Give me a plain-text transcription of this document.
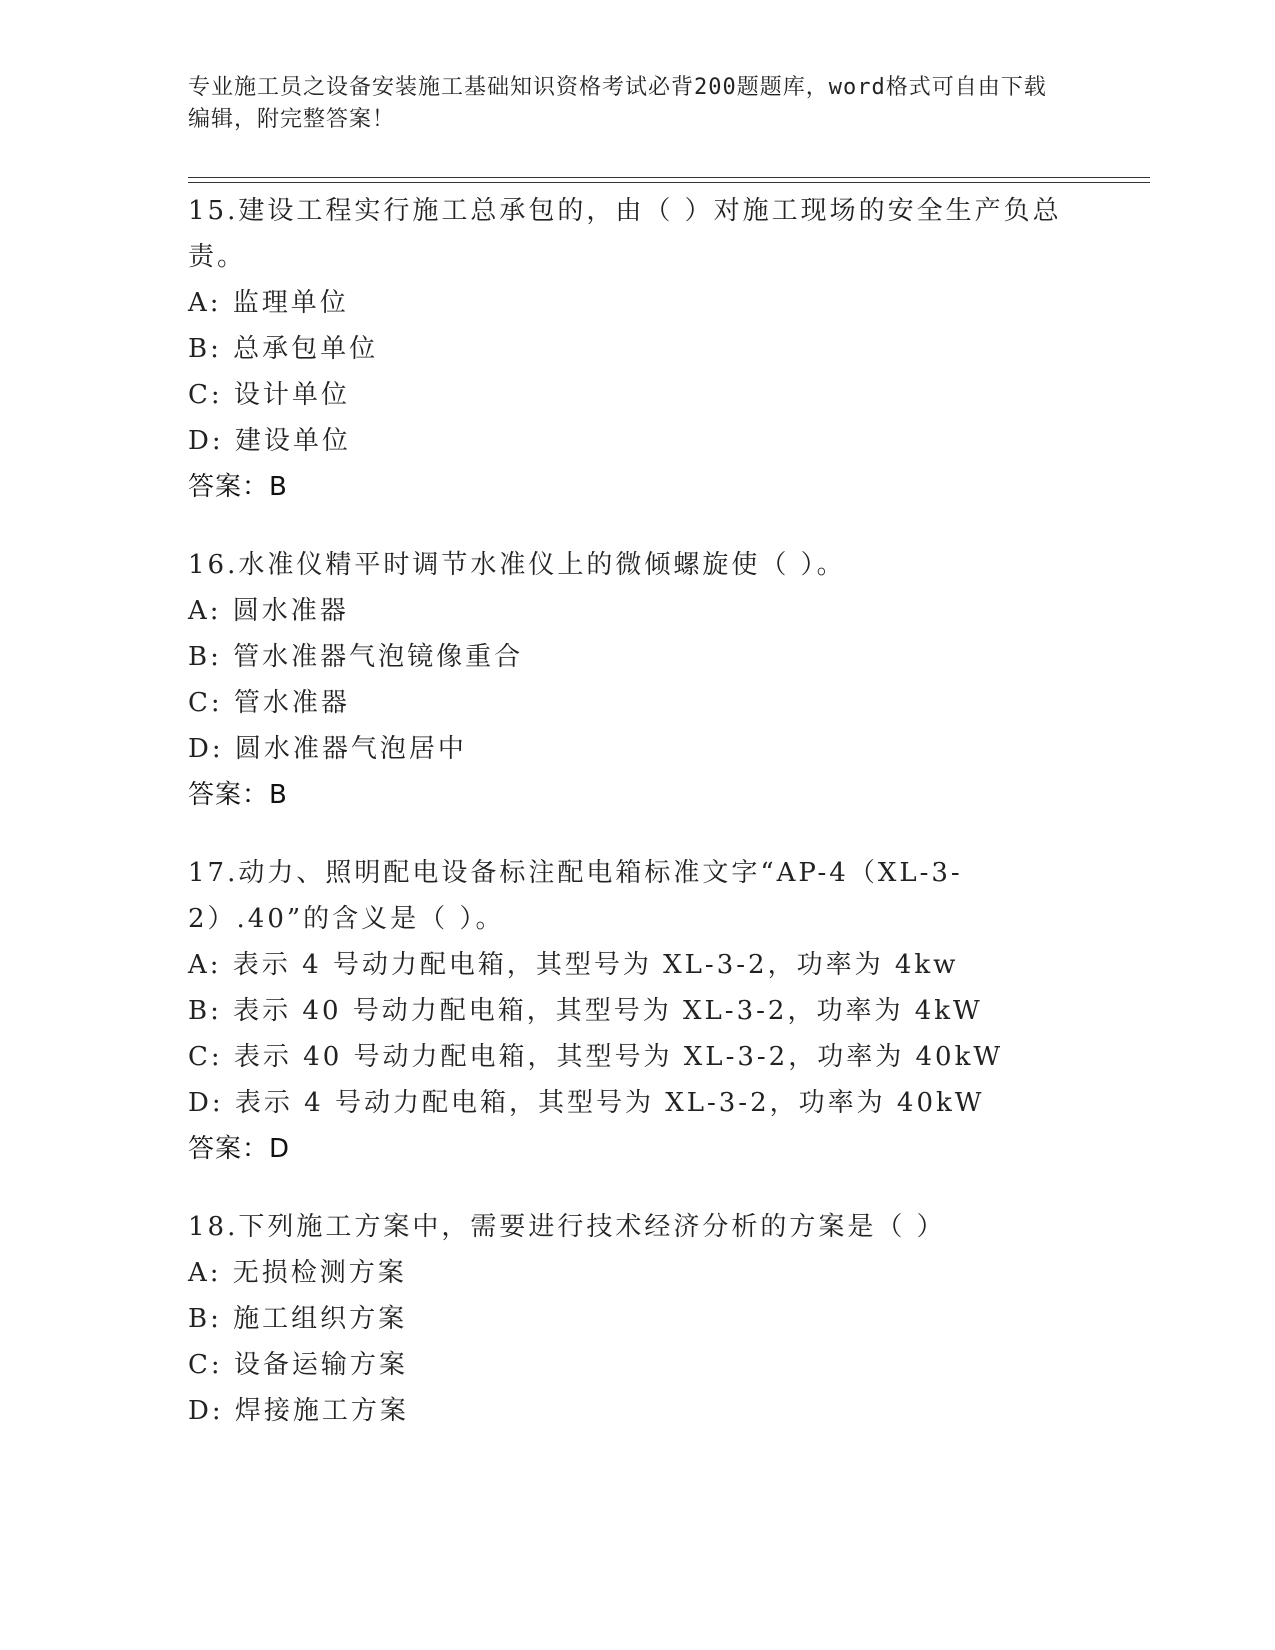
专业施工员之设备安装施工基础知识资格考试必背200题题库，word格式可自由下载编辑，附完整答案！

15.建设工程实行施工总承包的，由（ ）对施工现场的安全生产负总责。

A: 监理单位

B: 总承包单位

C: 设计单位

D: 建设单位

答案：B

16.水准仪精平时调节水准仪上的微倾螺旋使（ ）。

A: 圆水准器

B: 管水准器气泡镜像重合

C: 管水准器

D: 圆水准器气泡居中

答案：B

17.动力、照明配电设备标注配电箱标准文字“AP-4（XL-3-2）.40”的含义是（ ）。

A: 表示 4 号动力配电箱，其型号为 XL-3-2，功率为 4kw

B: 表示 40 号动力配电箱，其型号为 XL-3-2，功率为 4kW

C: 表示 40 号动力配电箱，其型号为 XL-3-2，功率为 40kW

D: 表示 4 号动力配电箱，其型号为 XL-3-2，功率为 40kW

答案：D

18.下列施工方案中，需要进行技术经济分析的方案是（ ）

A: 无损检测方案

B: 施工组织方案

C: 设备运输方案

D: 焊接施工方案
